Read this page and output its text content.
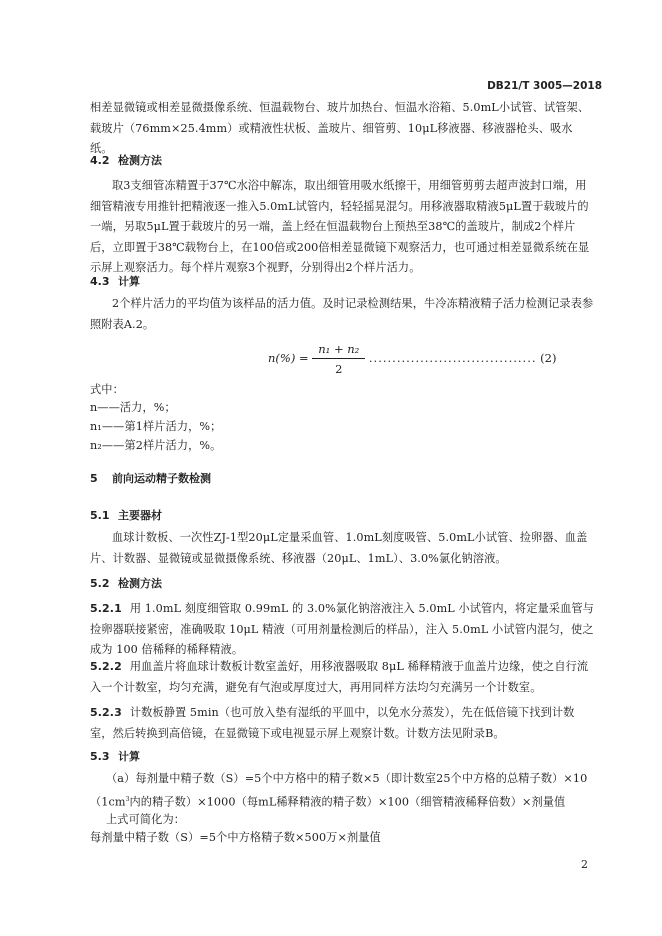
DB21/T 3005—2018
相差显微镜或相差显微摄像系统、恒温载物台、玻片加热台、恒温水浴箱、5.0mL小试管、试管架、载玻片（76mm×25.4mm）或精液性状板、盖玻片、细管剪、10μL移液器、移液器枪头、吸水纸。
4.2 检测方法
取3支细管冻精置于37℃水浴中解冻，取出细管用吸水纸擦干，用细管剪剪去超声波封口端，用细管精液专用推针把精液逐一推入5.0mL试管内，轻轻摇晃混匀。用移液器取精液5μL置于载玻片的一端，另取5μL置于载玻片的另一端，盖上经在恒温载物台上预热至38℃的盖玻片，制成2个样片后，立即置于38℃载物台上，在100倍或200倍相差显微镜下观察活力，也可通过相差显微系统在显示屏上观察活力。每个样片观察3个视野，分别得出2个样片活力。
4.3 计算
2个样片活力的平均值为该样品的活力值。及时记录检测结果，牛冷冻精液精子活力检测记录表参照附表A.2。
$n(\%) = \frac{\text{n₁ + n₂}}{2}$ .................................... (2)
式中：
n——活力，%；
n₁——第1样片活力，%；
n₂——第2样片活力，%。
5 前向运动精子数检测
5.1 主要器材
血球计数板、一次性ZJ-1型20μL定量采血管、1.0mL刻度吸管、5.0mL小试管、捡卵器、血盖片、计数器、显微镜或显微摄像系统、移液器（20μL、1mL）、3.0%氯化钠溶液。
5.2 检测方法
5.2.1 用 1.0mL 刻度细管取 0.99mL 的 3.0%氯化钠溶液注入 5.0mL 小试管内，将定量采血管与捡卵器联接紧密，准确吸取 10μL 精液（可用剂量检测后的样品），注入 5.0mL 小试管内混匀，使之成为 100 倍稀释的稀释精液。
5.2.2 用血盖片将血球计数板计数室盖好，用移液器吸取 8μL 稀释精液于血盖片边缘，使之自行流入一个计数室，均匀充满，避免有气泡或厚度过大，再用同样方法均匀充满另一个计数室。
5.2.3 计数板静置 5min（也可放入垫有湿纸的平皿中，以免水分蒸发），先在低倍镜下找到计数室，然后转换到高倍镜，在显微镜下或电视显示屏上观察计数。计数方法见附录B。
5.3 计算
（a）每剂量中精子数（S）=5个中方格中的精子数×5（即计数室25个中方格的总精子数）$\times 10(1cm^3$内的精子数）×1000（每mL稀释精液的精子数）×100（细管精液稀释倍数）×剂量值
上式可简化为：
每剂量中精子数（S）=5个中方格精子数×500万×剂量值
2
